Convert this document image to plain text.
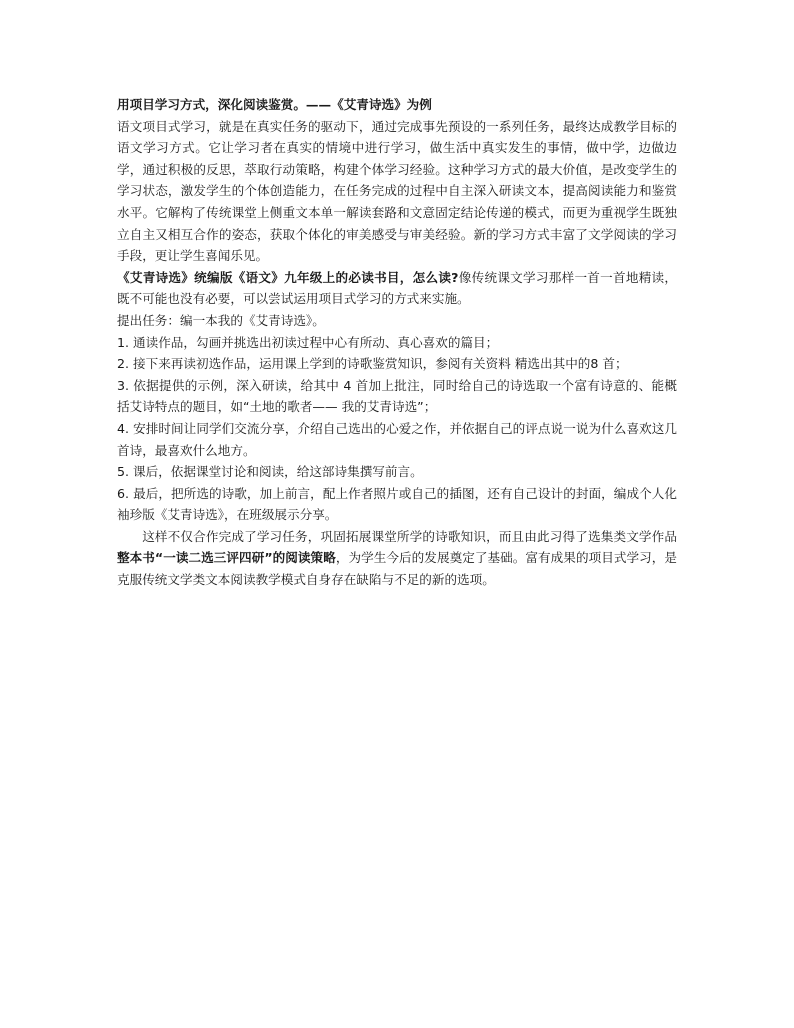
用项目学习方式，深化阅读鉴赏。——《艾青诗选》为例

语文项目式学习，就是在真实任务的驱动下，通过完成事先预设的一系列任务，最终达成教学目标的语文学习方式。它让学习者在真实的情境中进行学习，做生活中真实发生的事情，做中学，边做边学，通过积极的反思，萃取行动策略，构建个体学习经验。这种学习方式的最大价值，是改变学生的学习状态，激发学生的个体创造能力，在任务完成的过程中自主深入研读文本，提高阅读能力和鉴赏水平。它解构了传统课堂上侧重文本单一解读套路和文意固定结论传递的模式，而更为重视学生既独立自主又相互合作的姿态，获取个体化的审美感受与审美经验。新的学习方式丰富了文学阅读的学习手段，更让学生喜闻乐见。

《艾青诗选》统编版《语文》九年级上的必读书目，怎么读?像传统课文学习那样一首一首地精读，既不可能也没有必要，可以尝试运用项目式学习的方式来实施。

提出任务：编一本我的《艾青诗选》。

1. 通读作品，勾画并挑选出初读过程中心有所动、真心喜欢的篇目；

2. 接下来再读初选作品，运用课上学到的诗歌鉴赏知识，参阅有关资料 精选出其中的8 首；

3. 依据提供的示例，深入研读，给其中 4 首加上批注，同时给自己的诗选取一个富有诗意的、能概括艾诗特点的题目，如“土地的歌者—— 我的艾青诗选”；

4. 安排时间让同学们交流分享，介绍自己选出的心爱之作，并依据自己的评点说一说为什么喜欢这几首诗，最喜欢什么地方。

5. 课后，依据课堂讨论和阅读，给这部诗集撰写前言。

6. 最后，把所选的诗歌，加上前言，配上作者照片或自己的插图，还有自己设计的封面，编成个人化袖珍版《艾青诗选》，在班级展示分享。

这样不仅合作完成了学习任务，巩固拓展课堂所学的诗歌知识，而且由此习得了选集类文学作品整本书“一读二选三评四研”的阅读策略，为学生今后的发展奠定了基础。富有成果的项目式学习，是克服传统文学类文本阅读教学模式自身存在缺陷与不足的新的选项。
